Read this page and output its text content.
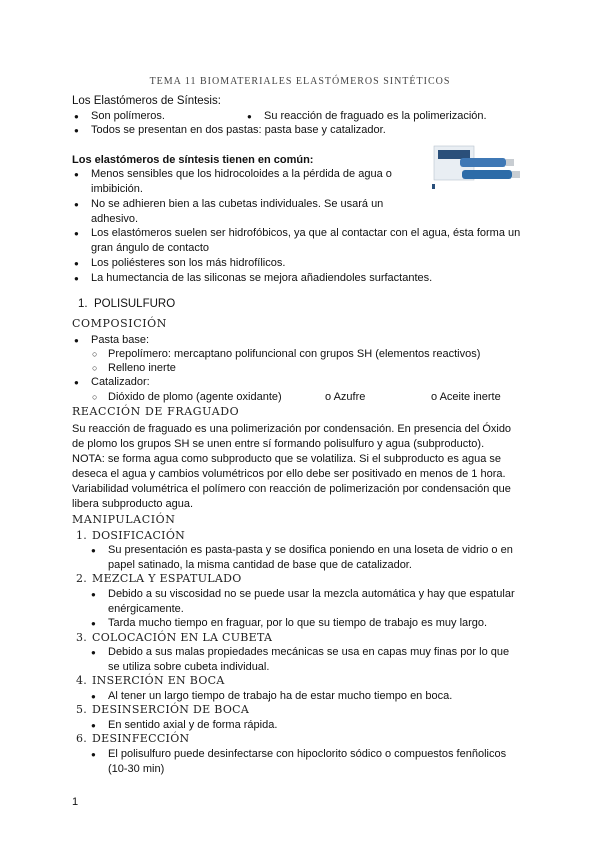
TEMA 11 BIOMATERIALES ELASTÓMEROS SINTÉTICOS
Los Elastómeros de Síntesis:
● Son polímeros.
●	Su reacción de fraguado es la polimerización.
● Todos se presentan en dos pastas: pasta base y catalizador.
Los elastómeros de síntesis tienen en común:
● Menos sensibles que los hidrocoloides a la pérdida de agua o
imbibición.
● No se adhieren bien a las cubetas individuales. Se usará un
adhesivo.
● Los elastómeros suelen ser hidrofóbicos, ya que al contactar con el agua, ésta forma un
gran ángulo de contacto
● Los poliésteres son los más hidrofílicos.
● La humectancia de las siliconas se mejora añadiendoles surfactantes.
1. POLISULFURO
COMPOSICIÓN
● Pasta base:
○ Prepolímero: mercaptano polifuncional con grupos SH (elementos reactivos)
○ Relleno inerte
● Catalizador:
○ Dióxido de plomo (agente oxidante)	o Azufre	o Aceite inerte
REACCIÓN DE FRAGUADO
Su reacción de fraguado es una polimerización por condensación. En presencia del Óxido
de plomo los grupos SH se unen entre sí formando polisulfuro y agua (subproducto).
NOTA: se forma agua como subproducto que se volatiliza. Si el subproducto es agua se
deseca el agua y cambios volumétricos por ello debe ser positivado en menos de 1 hora.
Variabilidad volumétrica el polímero con reacción de polimerización por condensación que
libera subproducto agua.
MANIPULACIÓN
1. DOSIFICACIÓN
● Su presentación es pasta-pasta y se dosifica poniendo en una loseta de vidrio o en
papel satinado, la misma cantidad de base que de catalizador.
2. MEZCLA Y ESPATULADO
● Debido a su viscosidad no se puede usar la mezcla automática y hay que espatular
enérgicamente.
● Tarda mucho tiempo en fraguar, por lo que su tiempo de trabajo es muy largo.
3. COLOCACIÓN EN LA CUBETA
● Debido a sus malas propiedades mecánicas se usa en capas muy finas por lo que
se utiliza sobre cubeta individual.
4. INSERCIÓN EN BOCA
● Al tener un largo tiempo de trabajo ha de estar mucho tiempo en boca.
5. DESINSERCIÓN DE BOCA
● En sentido axial y de forma rápida.
6. DESINFECCIÓN
● El polisulfuro puede desinfectarse con hipoclorito sódico o compuestos fenñolicos
(10-30 min)
1
